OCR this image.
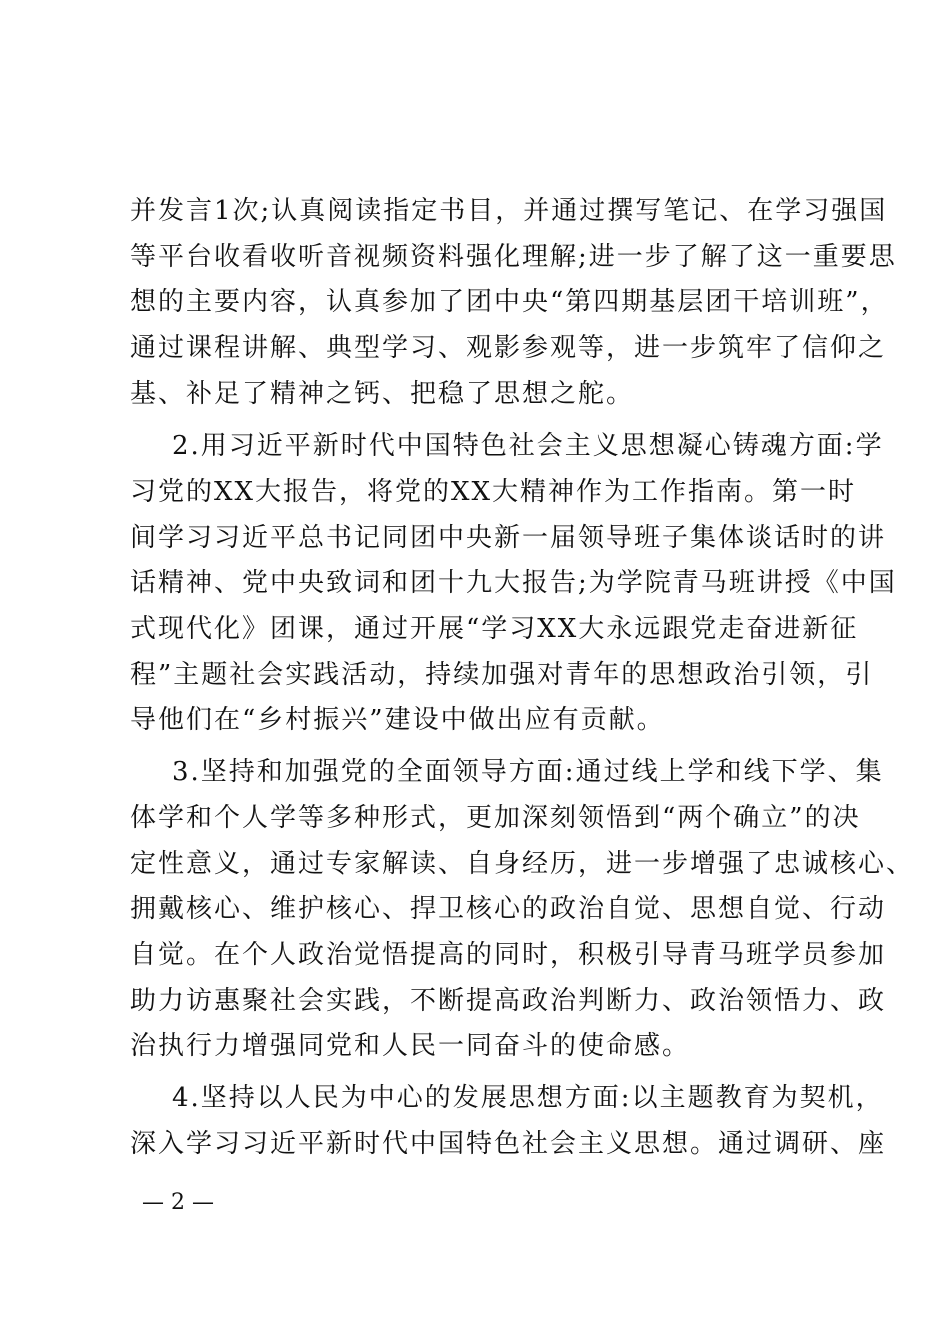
并发言1次;认真阅读指定书目，并通过撰写笔记、在学习强国
等平台收看收听音视频资料强化理解;进一步了解了这一重要思
想的主要内容，认真参加了团中央“第四期基层团干培训班”，
通过课程讲解、典型学习、观影参观等，进一步筑牢了信仰之
基、补足了精神之钙、把稳了思想之舵。
2.用习近平新时代中国特色社会主义思想凝心铸魂方面:学
习党的XX大报告，将党的XX大精神作为工作指南。第一时
间学习习近平总书记同团中央新一届领导班子集体谈话时的讲
话精神、党中央致词和团十九大报告;为学院青马班讲授《中国
式现代化》团课，通过开展“学习XX大永远跟党走奋进新征
程”主题社会实践活动，持续加强对青年的思想政治引领，引
导他们在“乡村振兴”建设中做出应有贡献。
3.坚持和加强党的全面领导方面:通过线上学和线下学、集
体学和个人学等多种形式，更加深刻领悟到“两个确立”的决
定性意义，通过专家解读、自身经历，进一步增强了忠诚核心、
拥戴核心、维护核心、捍卫核心的政治自觉、思想自觉、行动
自觉。在个人政治觉悟提高的同时，积极引导青马班学员参加
助力访惠聚社会实践，不断提高政治判断力、政治领悟力、政
治执行力增强同党和人民一同奋斗的使命感。
4.坚持以人民为中心的发展思想方面:以主题教育为契机，
深入学习习近平新时代中国特色社会主义思想。通过调研、座
— 2 —
